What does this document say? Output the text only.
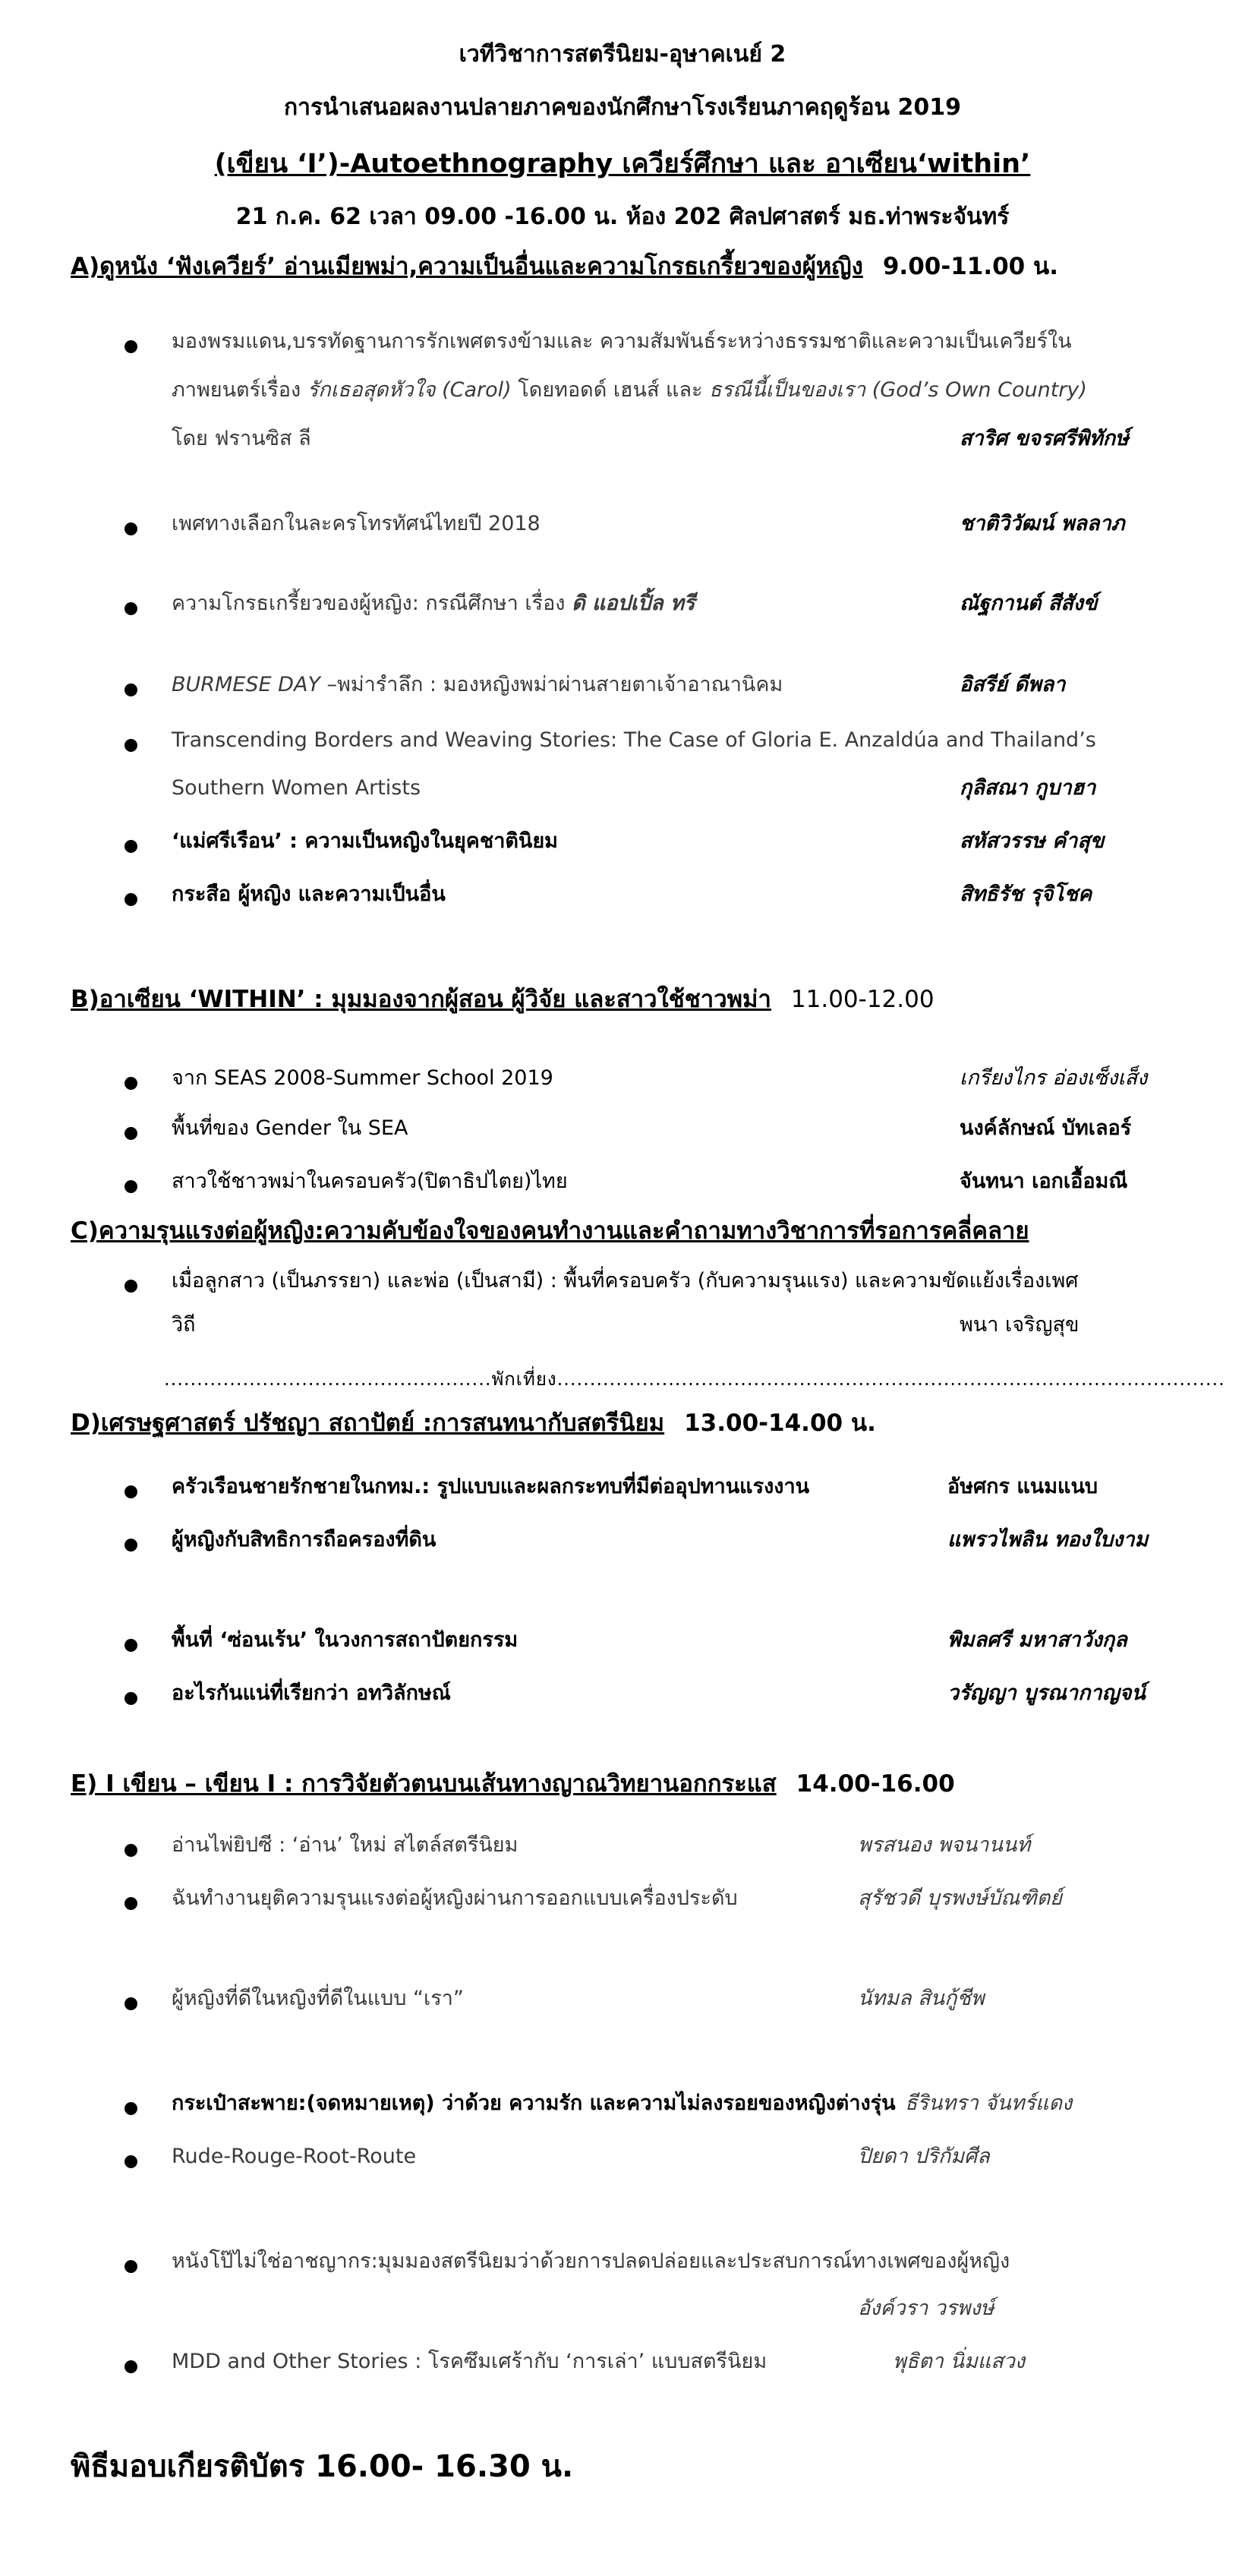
เวทีวิชาการสตรีนิยม-อุษาคเนย์ 2
การนำเสนอผลงานปลายภาคของนักศึกษาโรงเรียนภาคฤดูร้อน 2019
(เขียน ‘I’)-Autoethnography เควียร์ศึกษา และ อาเซียน‘within’
21 ก.ค. 62 เวลา 09.00 -16.00 น. ห้อง 202 ศิลปศาสตร์ มธ.ท่าพระจันทร์
A)ดูหนัง ‘ฟังเควียร์’ อ่านเมียพม่า,ความเป็นอื่นและความโกรธเกรี้ยวของผู้หญิง 9.00-11.00 น.
มองพรมแดน,บรรทัดฐานการรักเพศตรงข้ามและ ความสัมพันธ์ระหว่างธรรมชาติและความเป็นเควียร์ใน
ภาพยนตร์เรื่อง รักเธอสุดหัวใจ (Carol) โดยทอดด์ เฮนส์ และ ธรณีนี้เป็นของเรา (God’s Own Country)
โดย ฟรานซิส ลี	สาริศ ขจรศรีพิทักษ์
เพศทางเลือกในละครโทรทัศน์ไทยปี 2018	ชาติวิวัฒน์ พลลาภ
ความโกรธเกรี้ยวของผู้หญิง: กรณีศึกษา เรื่อง ดิ แอปเปิ้ล ทรี	ณัฐกานต์ สีสังข์
BURMESE DAY –พม่ารำลึก : มองหญิงพม่าผ่านสายตาเจ้าอาณานิคม	อิสรีย์ ดีพลา
Transcending Borders and Weaving Stories: The Case of Gloria E. Anzaldúa and Thailand’s
Southern Women Artists	กุลิสณา กูบาฮา
‘แม่ศรีเรือน’ : ความเป็นหญิงในยุคชาตินิยม	สหัสวรรษ คำสุข
กระสือ ผู้หญิง และความเป็นอื่น	สิทธิรัช รุจิโชค
B)อาเซียน ‘WITHIN’ : มุมมองจากผู้สอน ผู้วิจัย และสาวใช้ชาวพม่า 11.00-12.00
จาก SEAS 2008-Summer School 2019	เกรียงไกร อ่องเซ็งเส็ง
พื้นที่ของ Gender ใน SEA	นงค์ลักษณ์ บัทเลอร์
สาวใช้ชาวพม่าในครอบครัว(ปิตาธิปไตย)ไทย	จันทนา เอกเอื้อมณี
C)ความรุนแรงต่อผู้หญิง:ความคับข้องใจของคนทำงานและคำถามทางวิชาการที่รอการคลี่คลาย
เมื่อลูกสาว (เป็นภรรยา) และพ่อ (เป็นสามี) : พื้นที่ครอบครัว (กับความรุนแรง) และความขัดแย้งเรื่องเพศ
วิถี	พนา เจริญสุข
..................................................พักเที่ยง......................................................................................................
D)เศรษฐศาสตร์ ปรัชญา สถาปัตย์ :การสนทนากับสตรีนิยม 13.00-14.00 น.
ครัวเรือนชายรักชายในกทม.: รูปแบบและผลกระทบที่มีต่ออุปทานแรงงาน	อัษศกร แนมแนบ
ผู้หญิงกับสิทธิการถือครองที่ดิน	แพรวไพลิน ทองใบงาม
พื้นที่ ‘ซ่อนเร้น’ ในวงการสถาปัตยกรรม	พิมลศรี มหาสาวังกุล
อะไรกันแน่ที่เรียกว่า อทวิลักษณ์	วรัญญา บูรณากาญจน์
E) I เขียน – เขียน I : การวิจัยตัวตนบนเส้นทางญาณวิทยานอกกระแส 14.00-16.00
อ่านไพ่ยิปซี : ‘อ่าน’ ใหม่ สไตล์สตรีนิยม	พรสนอง พจนานนท์
ฉันทำงานยุติความรุนแรงต่อผู้หญิงผ่านการออกแบบเครื่องประดับ	สุรัชวดี บุรพงษ์บัณฑิตย์
ผู้หญิงที่ดีในหญิงที่ดีในแบบ “เรา”	นัทมล สินกู้ชีพ
กระเป๋าสะพาย:(จดหมายเหตุ) ว่าด้วย ความรัก และความไม่ลงรอยของหญิงต่างรุ่น ธีรินทรา จันทร์แดง
Rude-Rouge-Root-Route	ปิยดา ปริกัมศีล
หนังโป๊ไม่ใช่อาชญากร:มุมมองสตรีนิยมว่าด้วยการปลดปล่อยและประสบการณ์ทางเพศของผู้หญิง
อังค์วรา วรพงษ์
MDD and Other Stories : โรคซึมเศร้ากับ ‘การเล่า’ แบบสตรีนิยม	พุธิตา นิ่มแสวง
พิธีมอบเกียรติบัตร 16.00- 16.30 น.
